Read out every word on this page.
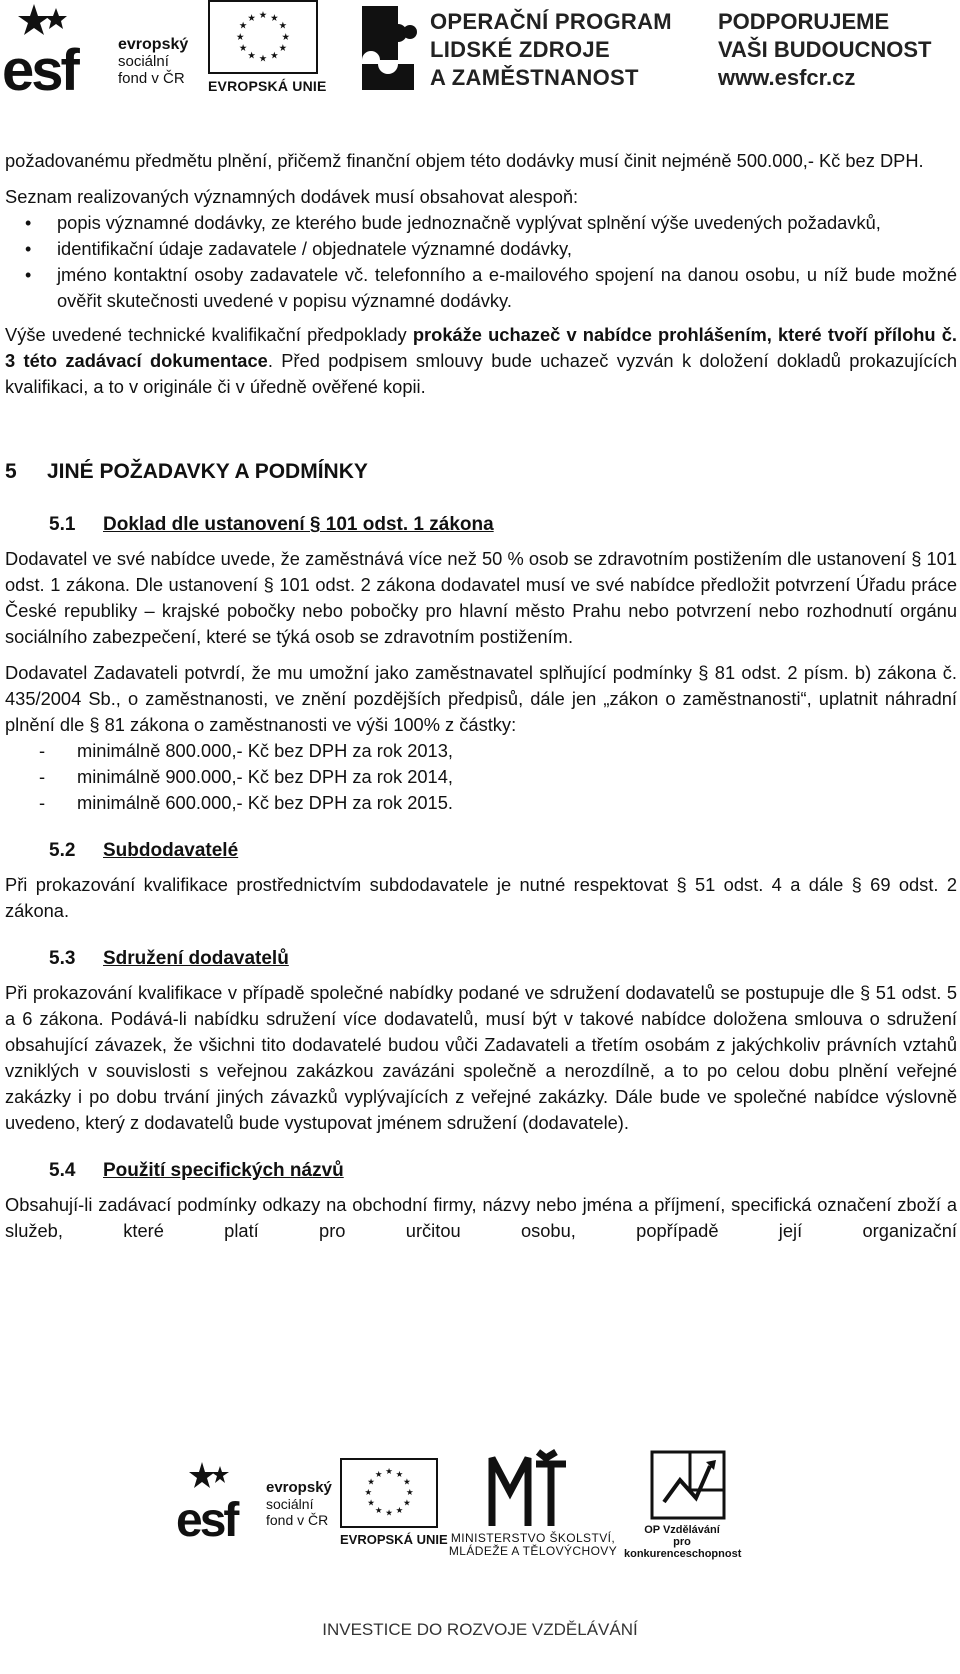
esf	evropský
sociální
fond v ČR
★ ★
★
★
★
★
★
★
★
★
★
★
EVROPSKÁ UNIE
OPERAČNÍ PROGRAM
LIDSKÉ ZDROJE
A ZAMĚSTNANOST
PODPORUJEME
VAŠI BUDOUCNOST
www.esfcr.cz

požadovanému předmětu plnění, přičemž finanční objem této dodávky musí činit nejméně 500.000,- Kč bez DPH.

Seznam realizovaných významných dodávek musí obsahovat alespoň:

• popis významné dodávky, ze kterého bude jednoznačně vyplývat splnění výše uvedených požadavků,
• identifikační údaje zadavatele / objednatele významné dodávky,
• jméno kontaktní osoby zadavatele vč. telefonního a e-mailového spojení na danou osobu, u níž bude možné ověřit skutečnosti uvedené v popisu významné dodávky.

Výše uvedené technické kvalifikační předpoklady prokáže uchazeč v nabídce prohlášením, které tvoří přílohu č. 3 této zadávací dokumentace. Před podpisem smlouvy bude uchazeč vyzván k doložení dokladů prokazujících kvalifikaci, a to v originále či v úředně ověřené kopii.

5 JINÉ POŽADAVKY A PODMÍNKY
5.1 Doklad dle ustanovení § 101 odst. 1 zákona

Dodavatel ve své nabídce uvede, že zaměstnává více než 50 % osob se zdravotním postižením dle ustanovení § 101 odst. 1 zákona. Dle ustanovení § 101 odst. 2 zákona dodavatel musí ve své nabídce předložit potvrzení Úřadu práce České republiky – krajské pobočky nebo pobočky pro hlavní město Prahu nebo potvrzení nebo rozhodnutí orgánu sociálního zabezpečení, které se týká osob se zdravotním postižením.

Dodavatel Zadavateli potvrdí, že mu umožní jako zaměstnavatel splňující podmínky § 81 odst. 2 písm. b) zákona č. 435/2004 Sb., o zaměstnanosti, ve znění pozdějších předpisů, dále jen „zákon o zaměstnanosti“, uplatnit náhradní plnění dle § 81 zákona o zaměstnanosti ve výši 100% z částky:

- minimálně 800.000,- Kč bez DPH za rok 2013,
- minimálně 900.000,- Kč bez DPH za rok 2014,
- minimálně 600.000,- Kč bez DPH za rok 2015.
5.2 Subdodavatelé

Při prokazování kvalifikace prostřednictvím subdodavatele je nutné respektovat § 51 odst. 4 a dále § 69 odst. 2 zákona.

5.3 Sdružení dodavatelů

Při prokazování kvalifikace v případě společné nabídky podané ve sdružení dodavatelů se postupuje dle § 51 odst. 5 a 6 zákona. Podává-li nabídku sdružení více dodavatelů, musí být v takové nabídce doložena smlouva o sdružení obsahující závazek, že všichni tito dodavatelé budou vůči Zadavateli a třetím osobám z jakýchkoliv právních vztahů vzniklých v souvislosti s veřejnou zakázkou zavázáni společně a nerozdílně, a to po celou dobu plnění veřejné zakázky i po dobu trvání jiných závazků vyplývajících z veřejné zakázky. Dále bude ve společné nabídce výslovně uvedeno, který z dodavatelů bude vystupovat jménem sdružení (dodavatele).

5.4 Použití specifických názvů

Obsahují-li zadávací podmínky odkazy na obchodní firmy, názvy nebo jména a příjmení, specifická označení zboží a služeb, které platí pro určitou osobu, popřípadě její organizační

esf
evropský
sociální
fond v ČR
★ ★
★
★
★
★
★
★
★
★
★
★
EVROPSKÁ UNIE MINISTERSTVO ŠKOLSTVÍ,
MLÁDEŽE A TĚLOVÝCHOVY
OP Vzdělávání
pro konkurenceschopnost
INVESTICE DO ROZVOJE VZDĚLÁVÁNÍ
